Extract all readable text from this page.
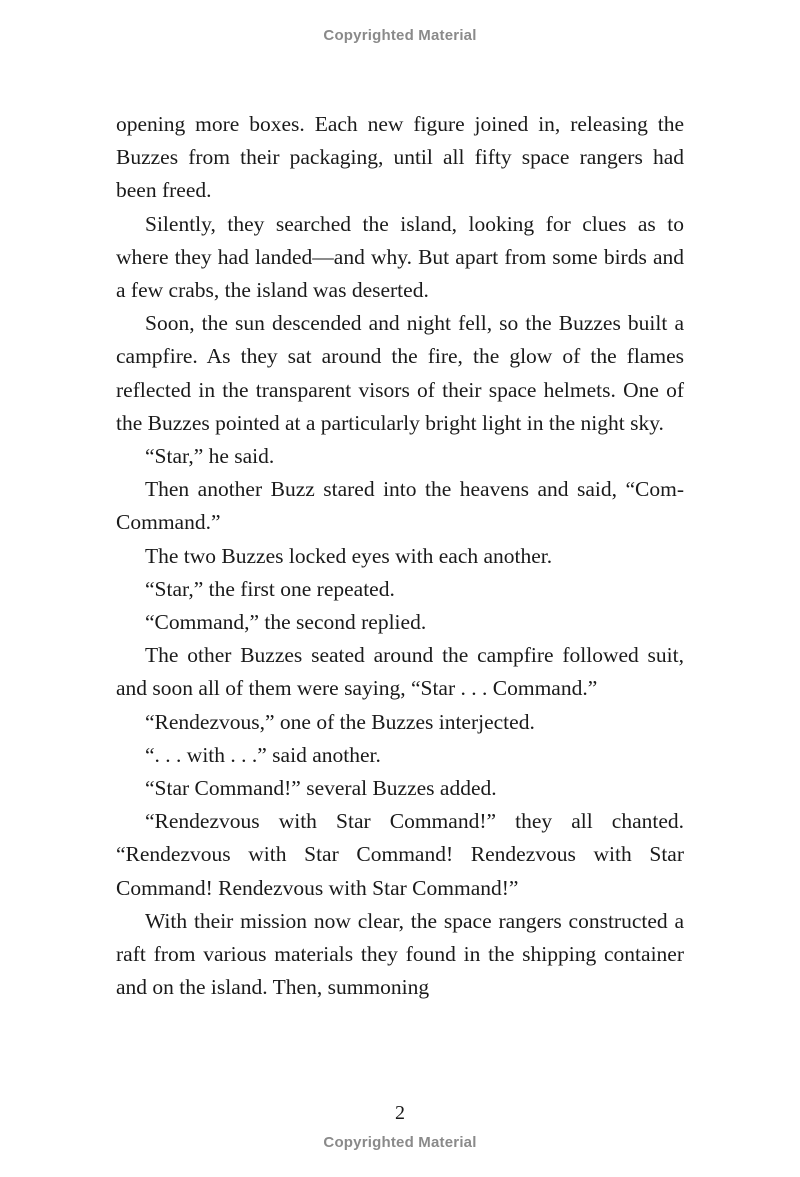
Copyrighted Material

opening more boxes. Each new figure joined in, releasing the Buzzes from their packaging, until all fifty space rangers had been freed.

Silently, they searched the island, looking for clues as to where they had landed—and why. But apart from some birds and a few crabs, the island was deserted.

Soon, the sun descended and night fell, so the Buzzes built a campfire. As they sat around the fire, the glow of the flames reflected in the transparent visors of their space helmets. One of the Buzzes pointed at a particularly bright light in the night sky.

“Star,” he said.

Then another Buzz stared into the heavens and said, “Com-Command.”

The two Buzzes locked eyes with each another.

“Star,” the first one repeated.

“Command,” the second replied.

The other Buzzes seated around the campfire followed suit, and soon all of them were saying, “Star . . . Command.”

“Rendezvous,” one of the Buzzes interjected.

“. . . with . . .” said another.

“Star Command!” several Buzzes added.

“Rendezvous with Star Command!” they all chanted. “Rendezvous with Star Command! Rendezvous with Star Command! Rendezvous with Star Command!”

With their mission now clear, the space rangers constructed a raft from various materials they found in the shipping container and on the island. Then, summoning

2
Copyrighted Material
